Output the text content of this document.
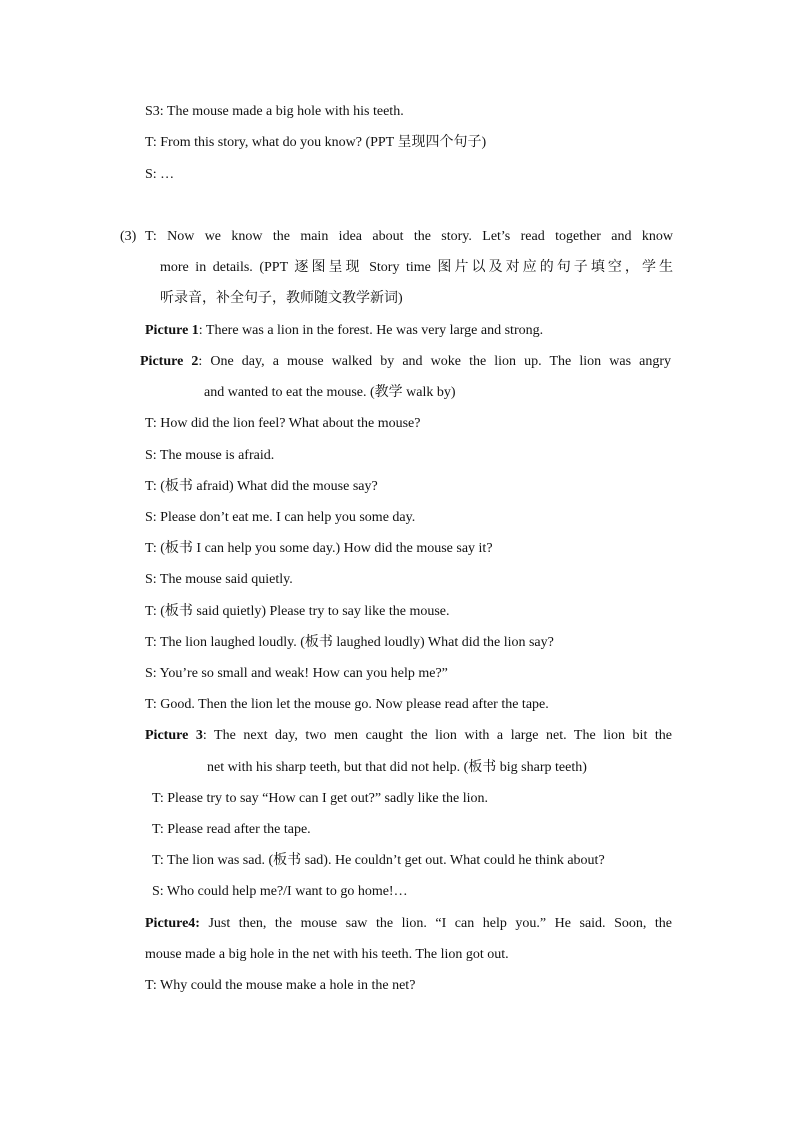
S3: The mouse made a big hole with his teeth.
T: From this story, what do you know? (PPT 呈现四个句子)
S: …
(3) T: Now we know the main idea about the story. Let’s read together and know
more in details. (PPT 逐图呈现 Story time 图片以及对应的句子填空，学生
听录音，补全句子，教师随文教学新词)
Picture 1: There was a lion in the forest. He was very large and strong.
Picture 2: One day, a mouse walked by and woke the lion up. The lion was angry
and wanted to eat the mouse. (教学 walk by)
T: How did the lion feel? What about the mouse?
S: The mouse is afraid.
T: (板书 afraid) What did the mouse say?
S: Please don’t eat me. I can help you some day.
T: (板书 I can help you some day.) How did the mouse say it?
S: The mouse said quietly.
T: (板书 said quietly) Please try to say like the mouse.
T: The lion laughed loudly. (板书 laughed loudly) What did the lion say?
S: You’re so small and weak! How can you help me?”
T: Good. Then the lion let the mouse go. Now please read after the tape.
Picture 3: The next day, two men caught the lion with a large net. The lion bit the
net with his sharp teeth, but that did not help. (板书 big sharp teeth)
T: Please try to say “How can I get out?” sadly like the lion.
T: Please read after the tape.
T: The lion was sad. (板书 sad). He couldn’t get out. What could he think about?
S: Who could help me?/I want to go home!…
Picture4: Just then, the mouse saw the lion. “I can help you.” He said. Soon, the
mouse made a big hole in the net with his teeth. The lion got out.
T: Why could the mouse make a hole in the net?
